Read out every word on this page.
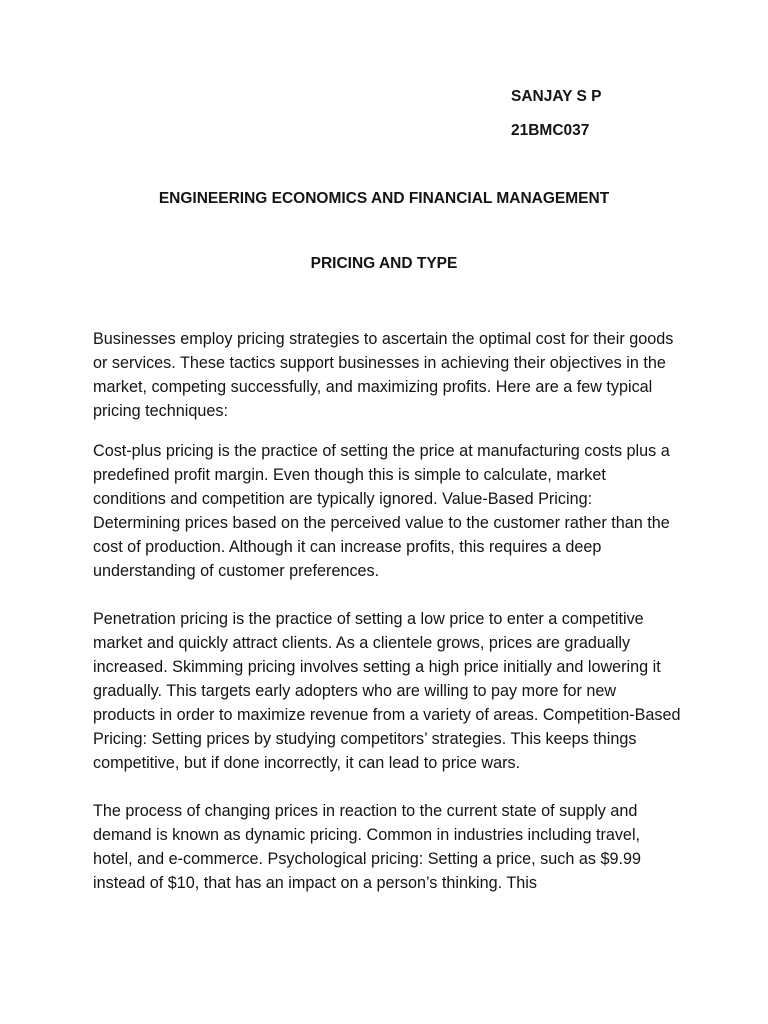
SANJAY S P

21BMC037

ENGINEERING ECONOMICS AND FINANCIAL MANAGEMENT

PRICING AND TYPE

Businesses employ pricing strategies to ascertain the optimal cost for their goods or services. These tactics support businesses in achieving their objectives in the market, competing successfully, and maximizing profits. Here are a few typical pricing techniques:

Cost-plus pricing is the practice of setting the price at manufacturing costs plus a predefined profit margin. Even though this is simple to calculate, market conditions and competition are typically ignored. Value-Based Pricing: Determining prices based on the perceived value to the customer rather than the cost of production. Although it can increase profits, this requires a deep understanding of customer preferences.

Penetration pricing is the practice of setting a low price to enter a competitive market and quickly attract clients. As a clientele grows, prices are gradually increased. Skimming pricing involves setting a high price initially and lowering it gradually. This targets early adopters who are willing to pay more for new products in order to maximize revenue from a variety of areas. Competition-Based Pricing: Setting prices by studying competitors’ strategies. This keeps things competitive, but if done incorrectly, it can lead to price wars.

The process of changing prices in reaction to the current state of supply and demand is known as dynamic pricing. Common in industries including travel, hotel, and e-commerce. Psychological pricing: Setting a price, such as $9.99 instead of $10, that has an impact on a person’s thinking. This
